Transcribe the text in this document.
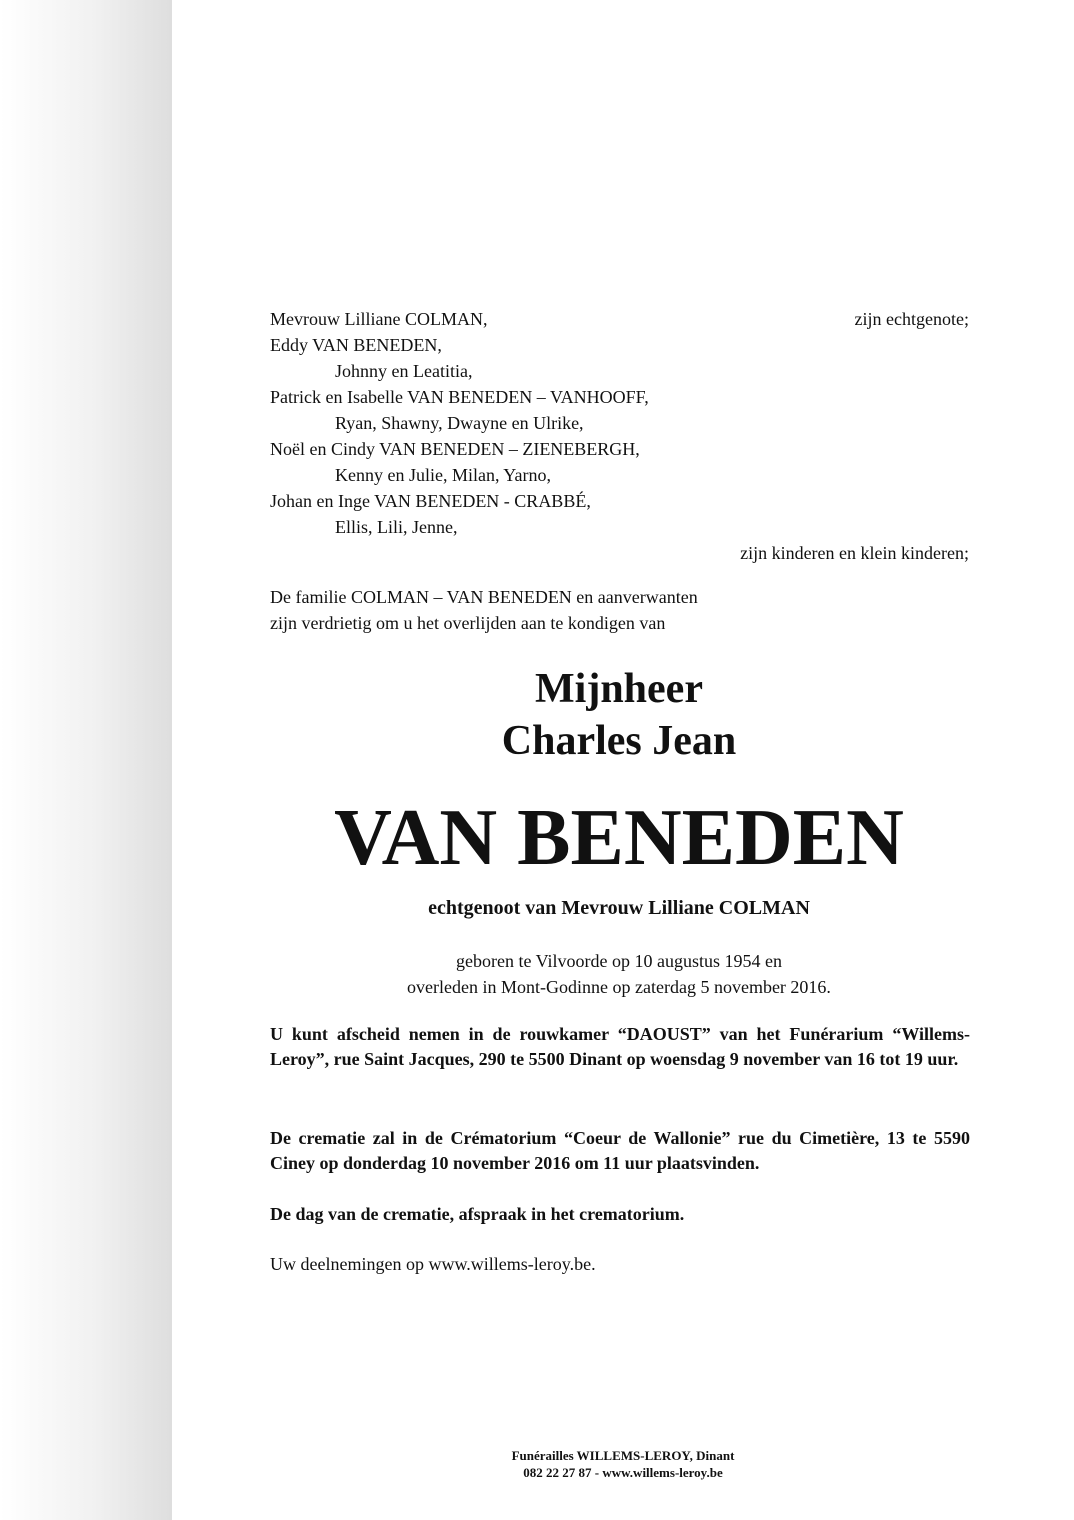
Mevrouw Lilliane COLMAN,	zijn echtgenote;
Eddy VAN BENEDEN,
Johnny en Leatitia,
Patrick en Isabelle VAN BENEDEN – VANHOOFF,
Ryan, Shawny, Dwayne en Ulrike,
Noël en Cindy VAN BENEDEN – ZIENEBERGH,
Kenny en Julie, Milan, Yarno,
Johan en Inge VAN BENEDEN - CRABBÉ,
Ellis, Lili, Jenne,
zijn kinderen en klein kinderen;
De familie COLMAN – VAN BENEDEN en aanverwanten
zijn verdrietig om u het overlijden aan te kondigen van
Mijnheer
Charles Jean
VAN BENEDEN
echtgenoot van Mevrouw Lilliane COLMAN
geboren te Vilvoorde op 10 augustus 1954 en
overleden in Mont-Godinne op zaterdag 5 november 2016.
U kunt afscheid nemen in de rouwkamer “DAOUST” van het Funérarium “Willems-Leroy”, rue Saint Jacques, 290 te 5500 Dinant op woensdag 9 november van 16 tot 19 uur.
De crematie zal in de Crématorium “Coeur de Wallonie” rue du Cimetière, 13 te 5590 Ciney op donderdag 10 november 2016 om 11 uur plaatsvinden.
De dag van de crematie, afspraak in het crematorium.
Uw deelnemingen op www.willems-leroy.be.
Funérailles WILLEMS-LEROY, Dinant
082 22 27 87 - www.willems-leroy.be
